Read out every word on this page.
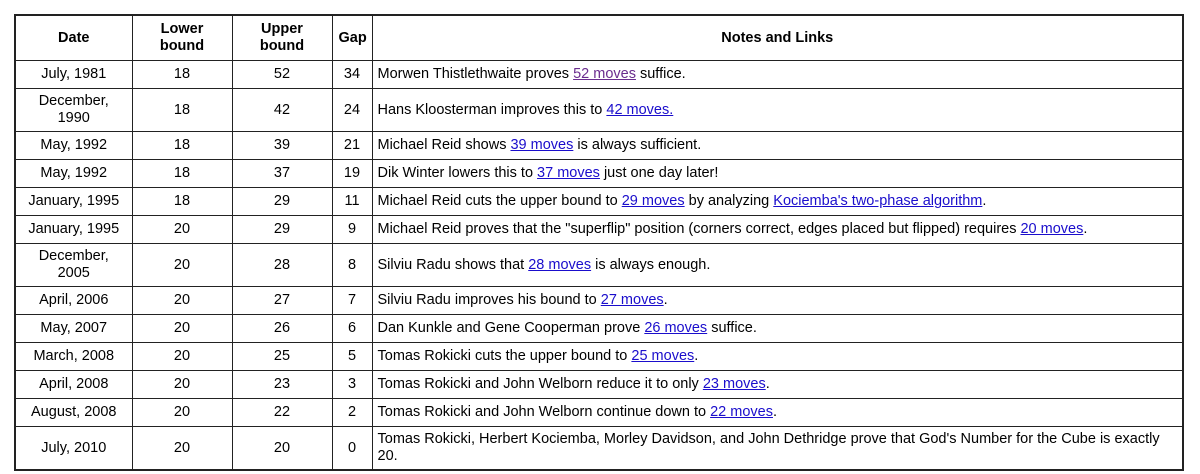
Date	Lower bound	Upper bound	Gap	Notes and Links
July, 1981	18	52	34	Morwen Thistlethwaite proves 52 moves suffice.
December, 1990	18	42	24	Hans Kloosterman improves this to 42 moves.
May, 1992	18	39	21	Michael Reid shows 39 moves is always sufficient.
May, 1992	18	37	19	Dik Winter lowers this to 37 moves just one day later!
January, 1995	18	29	11	Michael Reid cuts the upper bound to 29 moves by analyzing Kociemba's two-phase algorithm.
January, 1995	20	29	9	Michael Reid proves that the "superflip" position (corners correct, edges placed but flipped) requires 20 moves.
December, 2005	20	28	8	Silviu Radu shows that 28 moves is always enough.
April, 2006	20	27	7	Silviu Radu improves his bound to 27 moves.
May, 2007	20	26	6	Dan Kunkle and Gene Cooperman prove 26 moves suffice.
March, 2008	20	25	5	Tomas Rokicki cuts the upper bound to 25 moves.
April, 2008	20	23	3	Tomas Rokicki and John Welborn reduce it to only 23 moves.
August, 2008	20	22	2	Tomas Rokicki and John Welborn continue down to 22 moves.
July, 2010	20	20	0	Tomas Rokicki, Herbert Kociemba, Morley Davidson, and John Dethridge prove that God's Number for the Cube is exactly 20.
